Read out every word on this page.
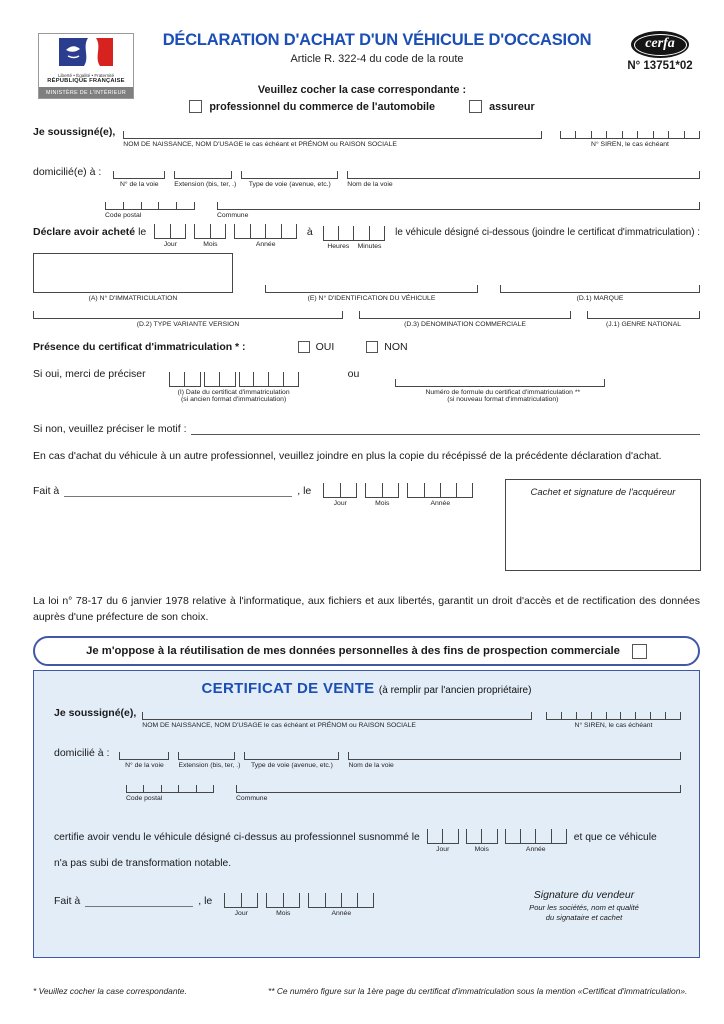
Liberté • Égalité • Fraternité
RÉPUBLIQUE FRANÇAISE
MINISTÈRE DE L'INTÉRIEUR
DÉCLARATION D'ACHAT D'UN VÉHICULE D'OCCASION
Article R. 322-4 du code de la route
cerfa
N° 13751*02
Veuillez cocher la case correspondante :
professionnel du commerce de l'automobile	assureur
Je soussigné(e),
NOM DE NAISSANCE, NOM D'USAGE le cas échéant et PRÉNOM ou RAISON SOCIALE	N° SIREN, le cas échéant
domicilié(e) à :
N° de la voie	Extension (bis, ter, .)	Type de voie (avenue, etc.)	Nom de la voie
Code postal	Commune
Déclare avoir acheté le
Jour	Mois	Année
à
Heures	Minutes
le véhicule désigné ci-dessous (joindre le certificat d'immatriculation) :
(A) N° D'IMMATRICULATION	(E) N° D'IDENTIFICATION DU VÉHICULE	(D.1) MARQUE
(D.2) TYPE VARIANTE VERSION	(D.3) DENOMINATION COMMERCIALE	(J.1) GENRE NATIONAL
Présence du certificat d'immatriculation * :	OUI	NON
Si oui, merci de préciser
(I) Date du certificat d'immatriculation
(si ancien format d'immatriculation)
ou
Numéro de formule du certificat d'immatriculation **
(si nouveau format d'immatriculation)
Si non, veuillez préciser le motif :
En cas d'achat du véhicule à un autre professionnel, veuillez joindre en plus la copie du récépissé de la précédente déclaration d'achat.
Fait à	, le
Jour	Mois	Année
Cachet et signature de l'acquéreur
La loi n° 78-17 du 6 janvier 1978 relative à l'informatique, aux fichiers et aux libertés, garantit un droit d'accès et de rectification des données auprès d'une préfecture de son choix.
Je m'oppose à la réutilisation de mes données personnelles à des fins de prospection commerciale
CERTIFICAT DE VENTE (à remplir par l'ancien propriétaire)
Je soussigné(e),
NOM DE NAISSANCE, NOM D'USAGE le cas échéant et PRÉNOM ou RAISON SOCIALE	N° SIREN, le cas échéant
domicilié à :
N° de la voie	Extension (bis, ter, .)	Type de voie (avenue, etc.)	Nom de la voie
Code postal	Commune
certifie avoir vendu le véhicule désigné ci-dessus au professionnel susnommé le
Jour	Mois	Année
et que ce véhicule
n'a pas subi de transformation notable.
Fait à	, le
Jour	Mois	Année
Signature du vendeur
Pour les sociétés, nom et qualité
du signataire et cachet
* Veuillez cocher la case correspondante.	** Ce numéro figure sur la 1ère page du certificat d'immatriculation sous la mention «Certificat d'immatriculation».
